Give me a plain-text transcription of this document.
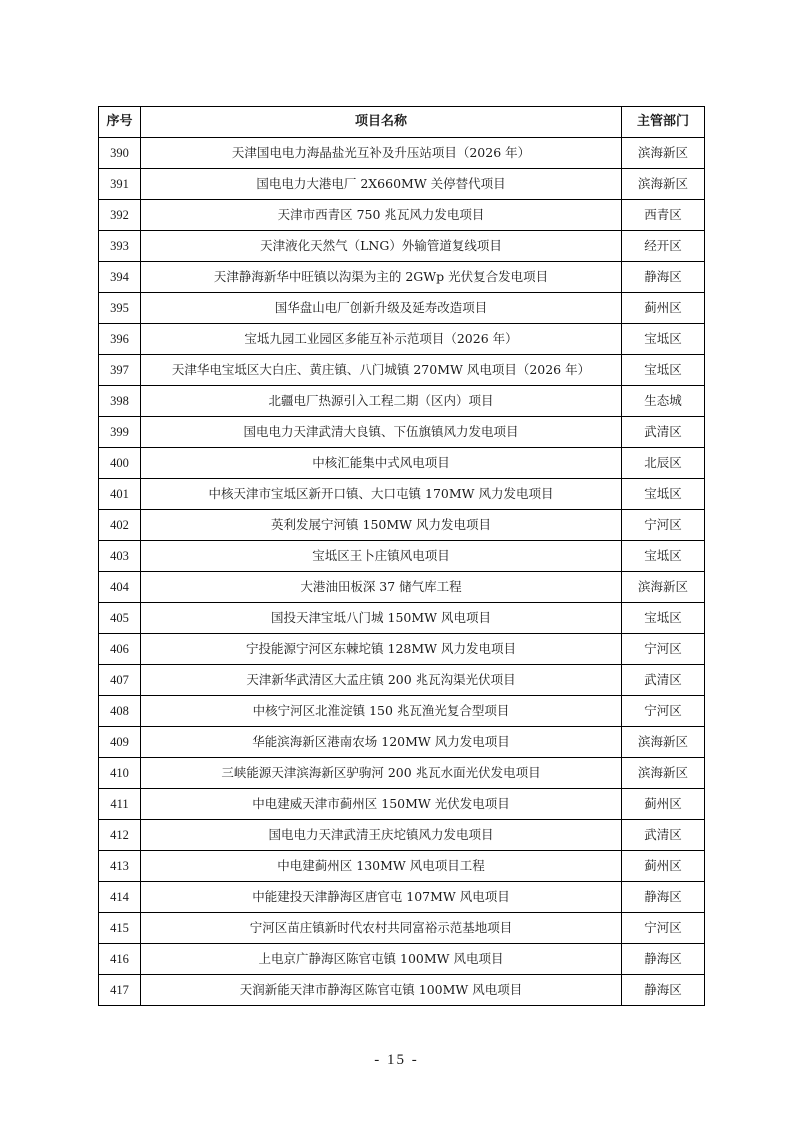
序号	项目名称	主管部门
390	天津国电电力海晶盐光互补及升压站项目（2026 年）	滨海新区
391	国电电力大港电厂 2X660MW 关停替代项目	滨海新区
392	天津市西青区 750 兆瓦风力发电项目	西青区
393	天津液化天然气（LNG）外输管道复线项目	经开区
394	天津静海新华中旺镇以沟渠为主的 2GWp 光伏复合发电项目	静海区
395	国华盘山电厂创新升级及延寿改造项目	蓟州区
396	宝坻九园工业园区多能互补示范项目（2026 年）	宝坻区
397	天津华电宝坻区大白庄、黄庄镇、八门城镇 270MW 风电项目（2026 年）	宝坻区
398	北疆电厂热源引入工程二期（区内）项目	生态城
399	国电电力天津武清大良镇、下伍旗镇风力发电项目	武清区
400	中核汇能集中式风电项目	北辰区
401	中核天津市宝坻区新开口镇、大口屯镇 170MW 风力发电项目	宝坻区
402	英利发展宁河镇 150MW 风力发电项目	宁河区
403	宝坻区王卜庄镇风电项目	宝坻区
404	大港油田板深 37 储气库工程	滨海新区
405	国投天津宝坻八门城 150MW 风电项目	宝坻区
406	宁投能源宁河区东棘坨镇 128MW 风力发电项目	宁河区
407	天津新华武清区大孟庄镇 200 兆瓦沟渠光伏项目	武清区
408	中核宁河区北淮淀镇 150 兆瓦渔光复合型项目	宁河区
409	华能滨海新区港南农场 120MW 风力发电项目	滨海新区
410	三峡能源天津滨海新区驴驹河 200 兆瓦水面光伏发电项目	滨海新区
411	中电建威天津市蓟州区 150MW 光伏发电项目	蓟州区
412	国电电力天津武清王庆坨镇风力发电项目	武清区
413	中电建蓟州区 130MW 风电项目工程	蓟州区
414	中能建投天津静海区唐官屯 107MW 风电项目	静海区
415	宁河区苗庄镇新时代农村共同富裕示范基地项目	宁河区
416	上电京广静海区陈官屯镇 100MW 风电项目	静海区
417	天润新能天津市静海区陈官屯镇 100MW 风电项目	静海区
- 15 -
